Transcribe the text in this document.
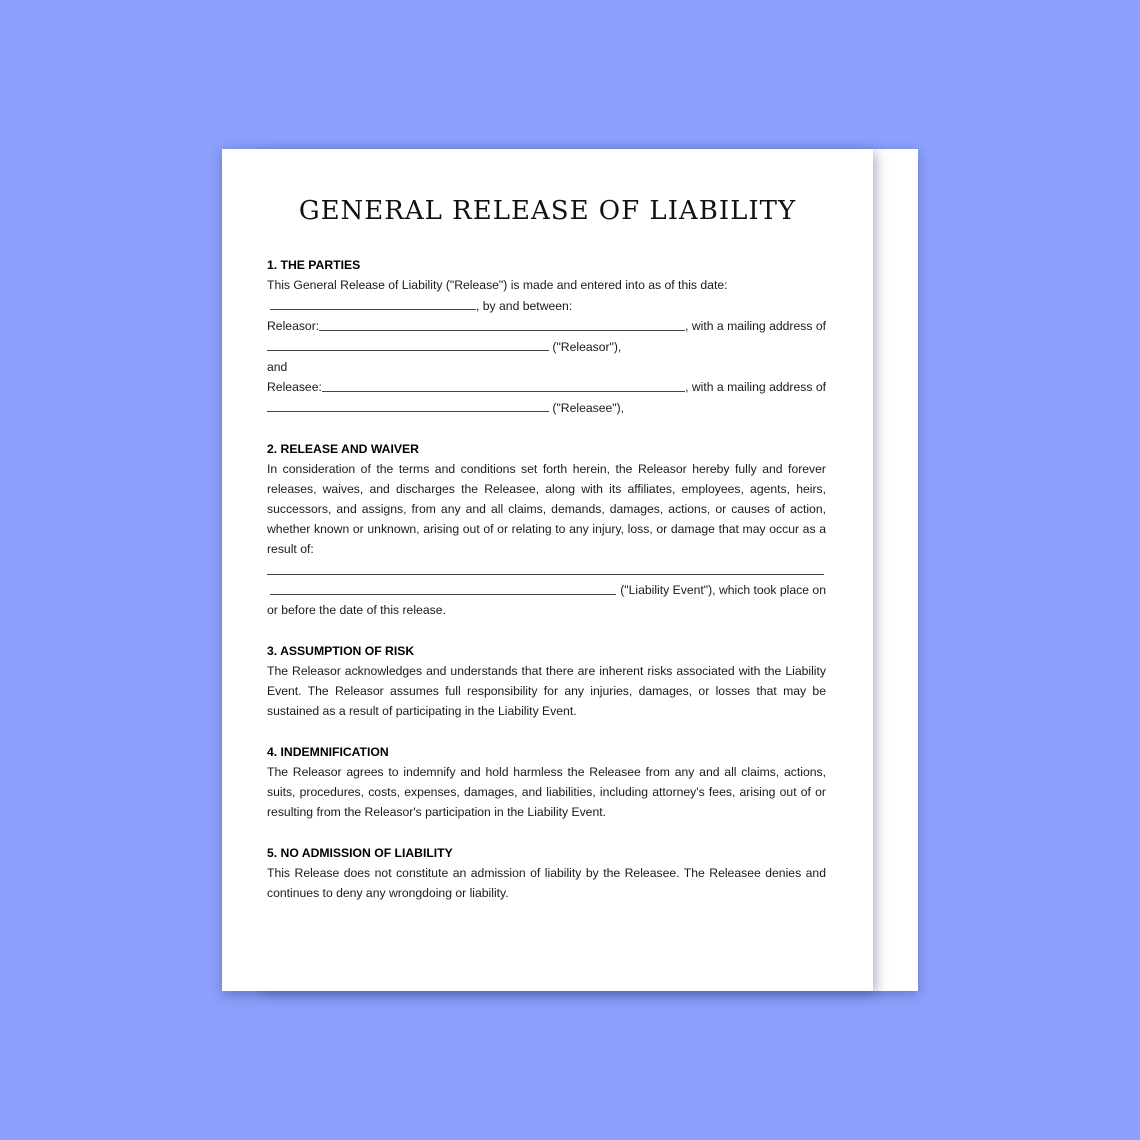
GENERAL RELEASE OF LIABILITY
1. THE PARTIES
This General Release of Liability ("Release") is made and entered into as of this date:
, by and between:
Releasor:	, with a mailing address of
("Releasor"),
and
Releasee:	, with a mailing address of
("Releasee"),
2. RELEASE AND WAIVER
In consideration of the terms and conditions set forth herein, the Releasor hereby fully and forever releases, waives, and discharges the Releasee, along with its affiliates, employees, agents, heirs, successors, and assigns, from any and all claims, demands, damages, actions, or causes of action, whether known or unknown, arising out of or relating to any injury, loss, or damage that may occur as a result of:
("Liability Event"), which took place on
or before the date of this release.
3. ASSUMPTION OF RISK
The Releasor acknowledges and understands that there are inherent risks associated with the Liability Event. The Releasor assumes full responsibility for any injuries, damages, or losses that may be sustained as a result of participating in the Liability Event.
4. INDEMNIFICATION
The Releasor agrees to indemnify and hold harmless the Releasee from any and all claims, actions, suits, procedures, costs, expenses, damages, and liabilities, including attorney's fees, arising out of or resulting from the Releasor's participation in the Liability Event.
5. NO ADMISSION OF LIABILITY
This Release does not constitute an admission of liability by the Releasee. The Releasee denies and continues to deny any wrongdoing or liability.
